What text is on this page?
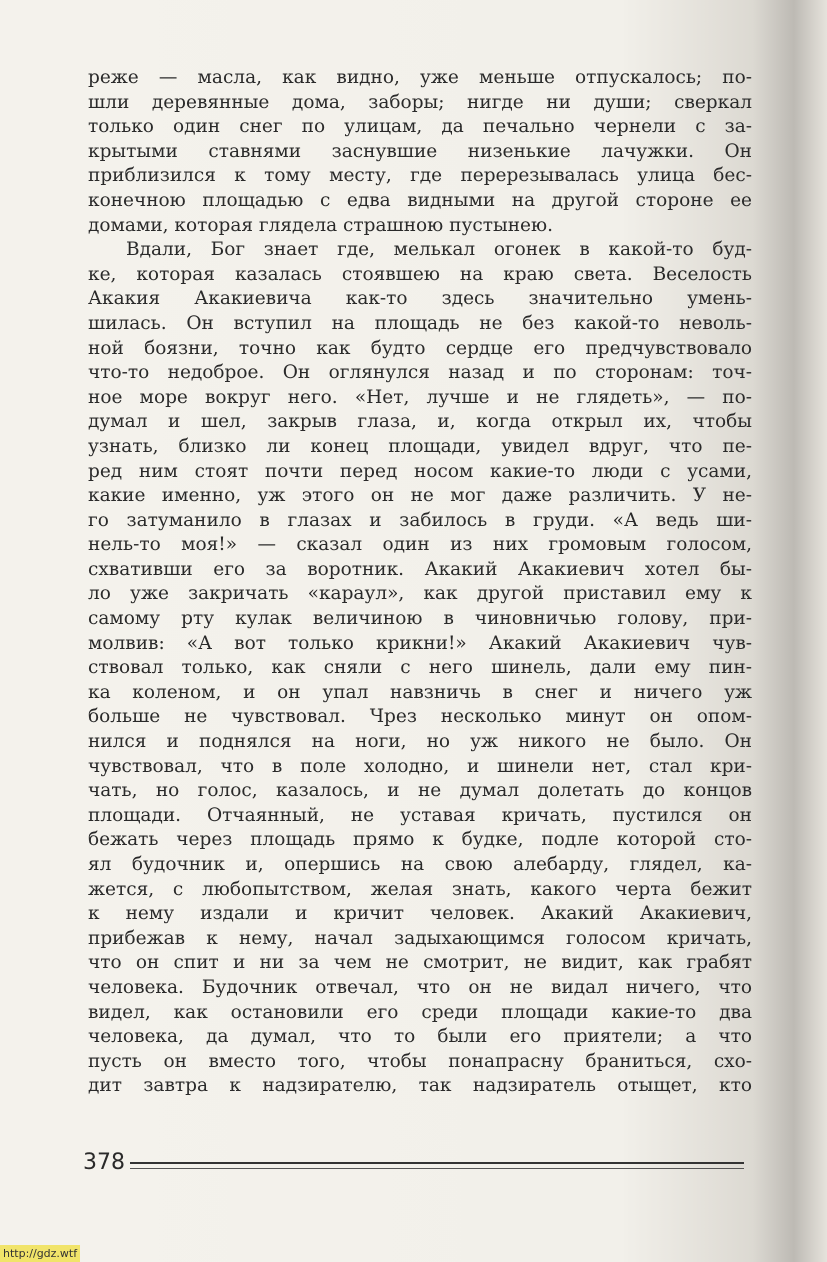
реже — масла, как видно, уже меньше отпускалось; по-
шли деревянные дома, заборы; нигде ни души; сверкал
только один снег по улицам, да печально чернели с за-
крытыми ставнями заснувшие низенькие лачужки. Он
приблизился к тому месту, где перерезывалась улица бес-
конечною площадью с едва видными на другой стороне ее
домами, которая глядела страшною пустынею.
Вдали, Бог знает где, мелькал огонек в какой-то буд-
ке, которая казалась стоявшею на краю света. Веселость
Акакия Акакиевича как-то здесь значительно умень-
шилась. Он вступил на площадь не без какой-то неволь-
ной боязни, точно как будто сердце его предчувствовало
что-то недоброе. Он оглянулся назад и по сторонам: точ-
ное море вокруг него. «Нет, лучше и не глядеть», — по-
думал и шел, закрыв глаза, и, когда открыл их, чтобы
узнать, близко ли конец площади, увидел вдруг, что пе-
ред ним стоят почти перед носом какие-то люди с усами,
какие именно, уж этого он не мог даже различить. У не-
го затуманило в глазах и забилось в груди. «А ведь ши-
нель-то моя!» — сказал один из них громовым голосом,
схвативши его за воротник. Акакий Акакиевич хотел бы-
ло уже закричать «караул», как другой приставил ему к
самому рту кулак величиною в чиновничью голову, при-
молвив: «А вот только крикни!» Акакий Акакиевич чув-
ствовал только, как сняли с него шинель, дали ему пин-
ка коленом, и он упал навзничь в снег и ничего уж
больше не чувствовал. Чрез несколько минут он опом-
нился и поднялся на ноги, но уж никого не было. Он
чувствовал, что в поле холодно, и шинели нет, стал кри-
чать, но голос, казалось, и не думал долетать до концов
площади. Отчаянный, не уставая кричать, пустился он
бежать через площадь прямо к будке, подле которой сто-
ял будочник и, опершись на свою алебарду, глядел, ка-
жется, с любопытством, желая знать, какого черта бежит
к нему издали и кричит человек. Акакий Акакиевич,
прибежав к нему, начал задыхающимся голосом кричать,
что он спит и ни за чем не смотрит, не видит, как грабят
человека. Будочник отвечал, что он не видал ничего, что
видел, как остановили его среди площади какие-то два
человека, да думал, что то были его приятели; а что
пусть он вместо того, чтобы понапрасну браниться, схо-
дит завтра к надзирателю, так надзиратель отыщет, кто
378
http://gdz.wtf
